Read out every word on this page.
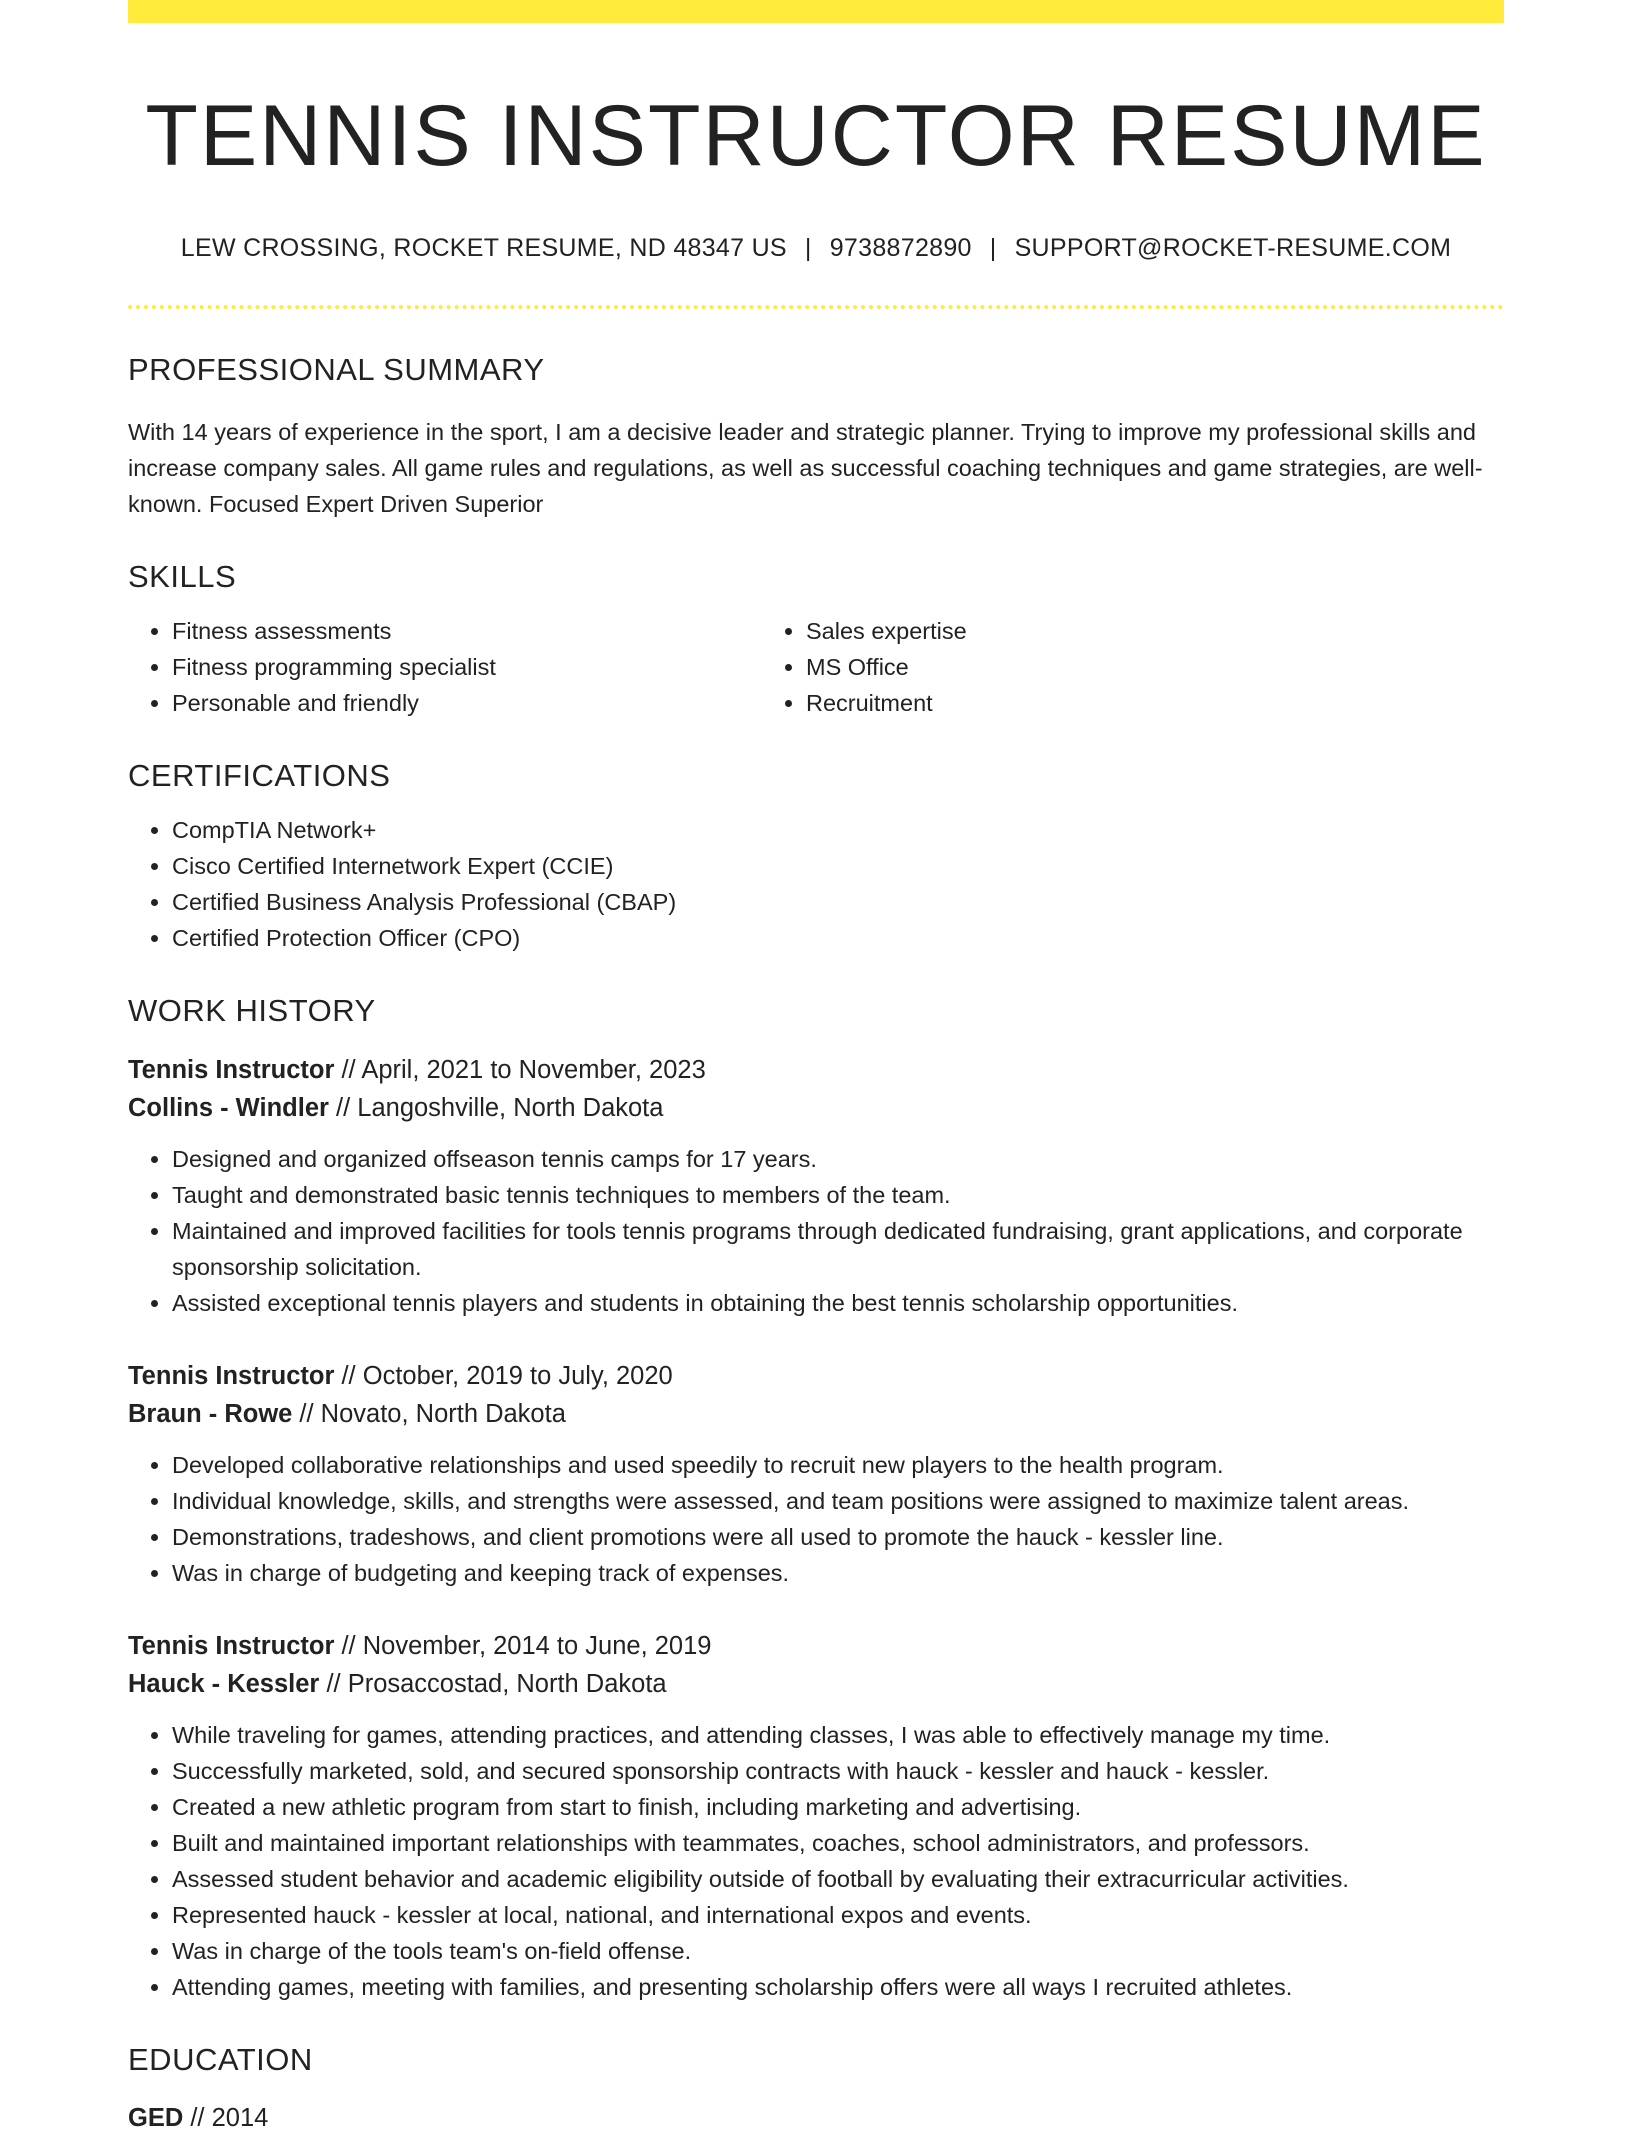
TENNIS INSTRUCTOR RESUME
LEW CROSSING, ROCKET RESUME, ND 48347 US | 9738872890 | SUPPORT@ROCKET-RESUME.COM
PROFESSIONAL SUMMARY
With 14 years of experience in the sport, I am a decisive leader and strategic planner. Trying to improve my professional skills and increase company sales. All game rules and regulations, as well as successful coaching techniques and game strategies, are well-known. Focused Expert Driven Superior
SKILLS
• Fitness assessments
• Fitness programming specialist
• Personable and friendly
• Sales expertise
• MS Office
• Recruitment
CERTIFICATIONS
• CompTIA Network+
• Cisco Certified Internetwork Expert (CCIE)
• Certified Business Analysis Professional (CBAP)
• Certified Protection Officer (CPO)
WORK HISTORY
Tennis Instructor // April, 2021 to November, 2023
Collins - Windler // Langoshville, North Dakota
• Designed and organized offseason tennis camps for 17 years.
• Taught and demonstrated basic tennis techniques to members of the team.
• Maintained and improved facilities for tools tennis programs through dedicated fundraising, grant applications, and corporate sponsorship solicitation.
• Assisted exceptional tennis players and students in obtaining the best tennis scholarship opportunities.
Tennis Instructor // October, 2019 to July, 2020
Braun - Rowe // Novato, North Dakota
• Developed collaborative relationships and used speedily to recruit new players to the health program.
• Individual knowledge, skills, and strengths were assessed, and team positions were assigned to maximize talent areas.
• Demonstrations, tradeshows, and client promotions were all used to promote the hauck - kessler line.
• Was in charge of budgeting and keeping track of expenses.
Tennis Instructor // November, 2014 to June, 2019
Hauck - Kessler // Prosaccostad, North Dakota
• While traveling for games, attending practices, and attending classes, I was able to effectively manage my time.
• Successfully marketed, sold, and secured sponsorship contracts with hauck - kessler and hauck - kessler.
• Created a new athletic program from start to finish, including marketing and advertising.
• Built and maintained important relationships with teammates, coaches, school administrators, and professors.
• Assessed student behavior and academic eligibility outside of football by evaluating their extracurricular activities.
• Represented hauck - kessler at local, national, and international expos and events.
• Was in charge of the tools team's on-field offense.
• Attending games, meeting with families, and presenting scholarship offers were all ways I recruited athletes.
EDUCATION
GED // 2014
